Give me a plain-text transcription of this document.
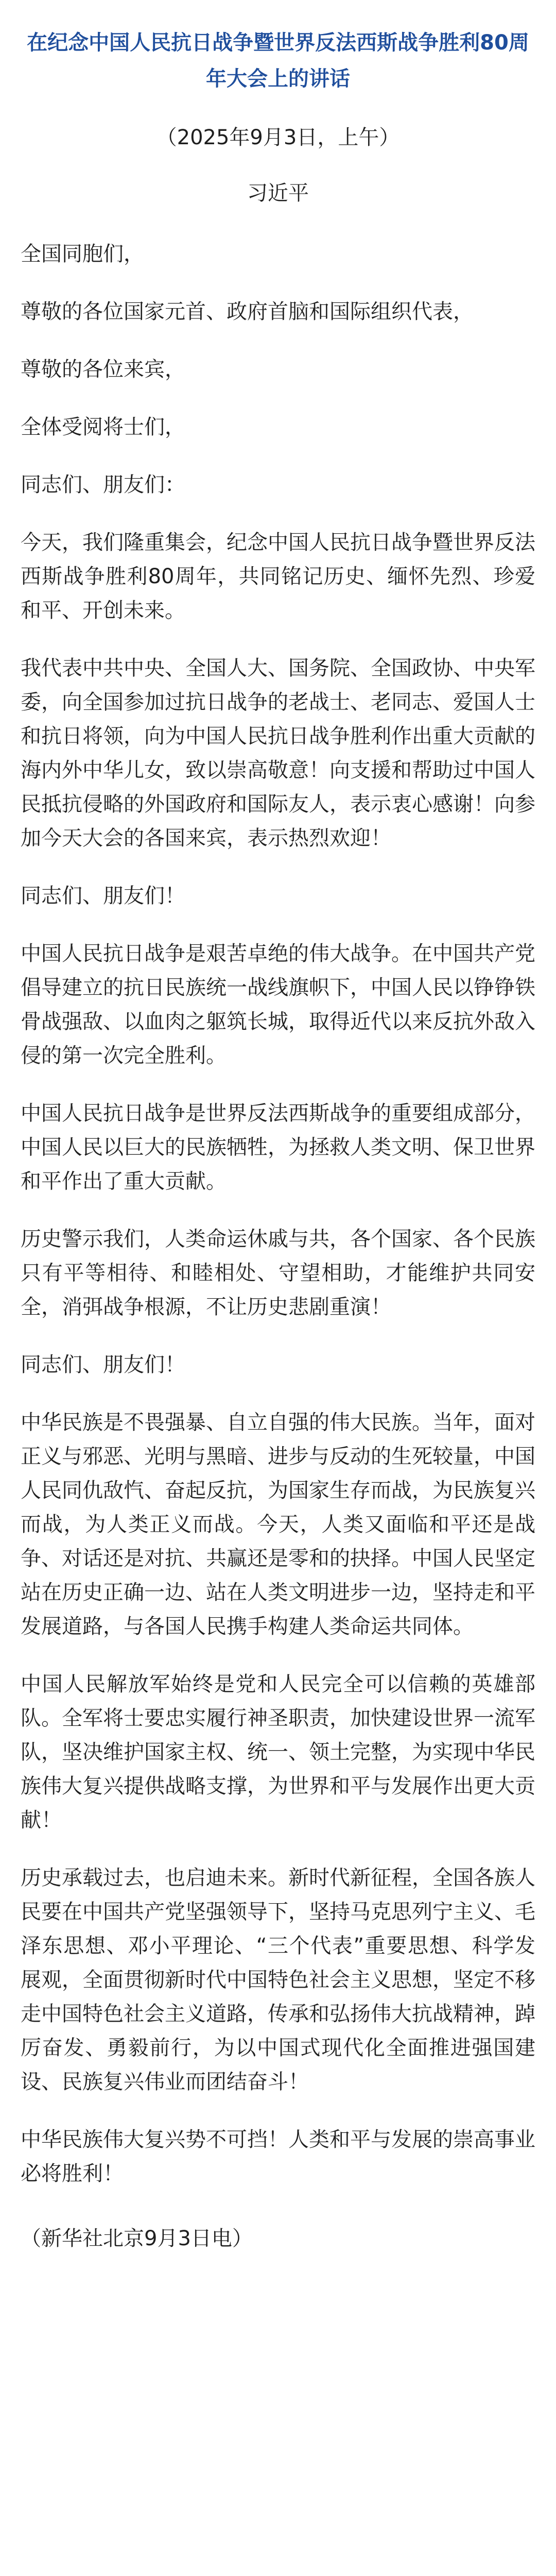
在纪念中国人民抗日战争暨世界反法西斯战争胜利80周年大会上的讲话

（2025年9月3日，上午）

习近平

全国同胞们，

尊敬的各位国家元首、政府首脑和国际组织代表，

尊敬的各位来宾，

全体受阅将士们，

同志们、朋友们：

今天，我们隆重集会，纪念中国人民抗日战争暨世界反法西斯战争胜利80周年，共同铭记历史、缅怀先烈、珍爱和平、开创未来。

我代表中共中央、全国人大、国务院、全国政协、中央军委，向全国参加过抗日战争的老战士、老同志、爱国人士和抗日将领，向为中国人民抗日战争胜利作出重大贡献的海内外中华儿女，致以崇高敬意！向支援和帮助过中国人民抵抗侵略的外国政府和国际友人，表示衷心感谢！向参加今天大会的各国来宾，表示热烈欢迎！

同志们、朋友们！

中国人民抗日战争是艰苦卓绝的伟大战争。在中国共产党倡导建立的抗日民族统一战线旗帜下，中国人民以铮铮铁骨战强敌、以血肉之躯筑长城，取得近代以来反抗外敌入侵的第一次完全胜利。

中国人民抗日战争是世界反法西斯战争的重要组成部分，中国人民以巨大的民族牺牲，为拯救人类文明、保卫世界和平作出了重大贡献。

历史警示我们，人类命运休戚与共，各个国家、各个民族只有平等相待、和睦相处、守望相助，才能维护共同安全，消弭战争根源，不让历史悲剧重演！

同志们、朋友们！

中华民族是不畏强暴、自立自强的伟大民族。当年，面对正义与邪恶、光明与黑暗、进步与反动的生死较量，中国人民同仇敌忾、奋起反抗，为国家生存而战，为民族复兴而战，为人类正义而战。今天，人类又面临和平还是战争、对话还是对抗、共赢还是零和的抉择。中国人民坚定站在历史正确一边、站在人类文明进步一边，坚持走和平发展道路，与各国人民携手构建人类命运共同体。

中国人民解放军始终是党和人民完全可以信赖的英雄部队。全军将士要忠实履行神圣职责，加快建设世界一流军队，坚决维护国家主权、统一、领土完整，为实现中华民族伟大复兴提供战略支撑，为世界和平与发展作出更大贡献！

历史承载过去，也启迪未来。新时代新征程，全国各族人民要在中国共产党坚强领导下，坚持马克思列宁主义、毛泽东思想、邓小平理论、“三个代表”重要思想、科学发展观，全面贯彻新时代中国特色社会主义思想，坚定不移走中国特色社会主义道路，传承和弘扬伟大抗战精神，踔厉奋发、勇毅前行，为以中国式现代化全面推进强国建设、民族复兴伟业而团结奋斗！

中华民族伟大复兴势不可挡！人类和平与发展的崇高事业必将胜利！

（新华社北京9月3日电）
